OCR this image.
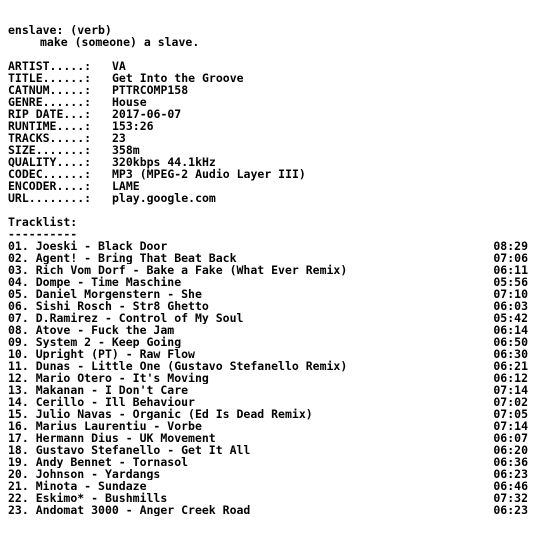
enslave: (verb)
make (someone) a slave.
ARTIST.....:	VA
TITLE......:	Get Into the Groove
CATNUM.....:	PTTRCOMP158
GENRE......:	House
RIP DATE...:	2017-06-07
RUNTIME....:	153:26
TRACKS.....:	23
SIZE.......:	358m
QUALITY....:	320kbps 44.1kHz
CODEC......:	MP3 (MPEG-2 Audio Layer III)
ENCODER....:	LAME
URL........:	play.google.com
Tracklist:
----------
01. Joeski - Black Door	08:29
02. Agent! - Bring That Beat Back	07:06
03. Rich Vom Dorf - Bake a Fake (What Ever Remix)	06:11
04. Dompe - Time Maschine	05:56
05. Daniel Morgenstern - She	07:10
06. Sishi Rosch - Str8 Ghetto	06:03
07. D.Ramirez - Control of My Soul	05:42
08. Atove - Fuck the Jam	06:14
09. System 2 - Keep Going	06:50
10. Upright (PT) - Raw Flow	06:30
11. Dunas - Little One (Gustavo Stefanello Remix)	06:21
12. Mario Otero - It's Moving	06:12
13. Makanan - I Don't Care	07:14
14. Cerillo - Ill Behaviour	07:02
15. Julio Navas - Organic (Ed Is Dead Remix)	07:05
16. Marius Laurentiu - Vorbe	07:14
17. Hermann Dius - UK Movement	06:07
18. Gustavo Stefanello - Get It All	06:20
19. Andy Bennet - Tornasol	06:36
20. Johnson - Yardangs	06:23
21. Minota - Sundaze	06:46
22. Eskimo* - Bushmills	07:32
23. Andomat 3000 - Anger Creek Road	06:23
